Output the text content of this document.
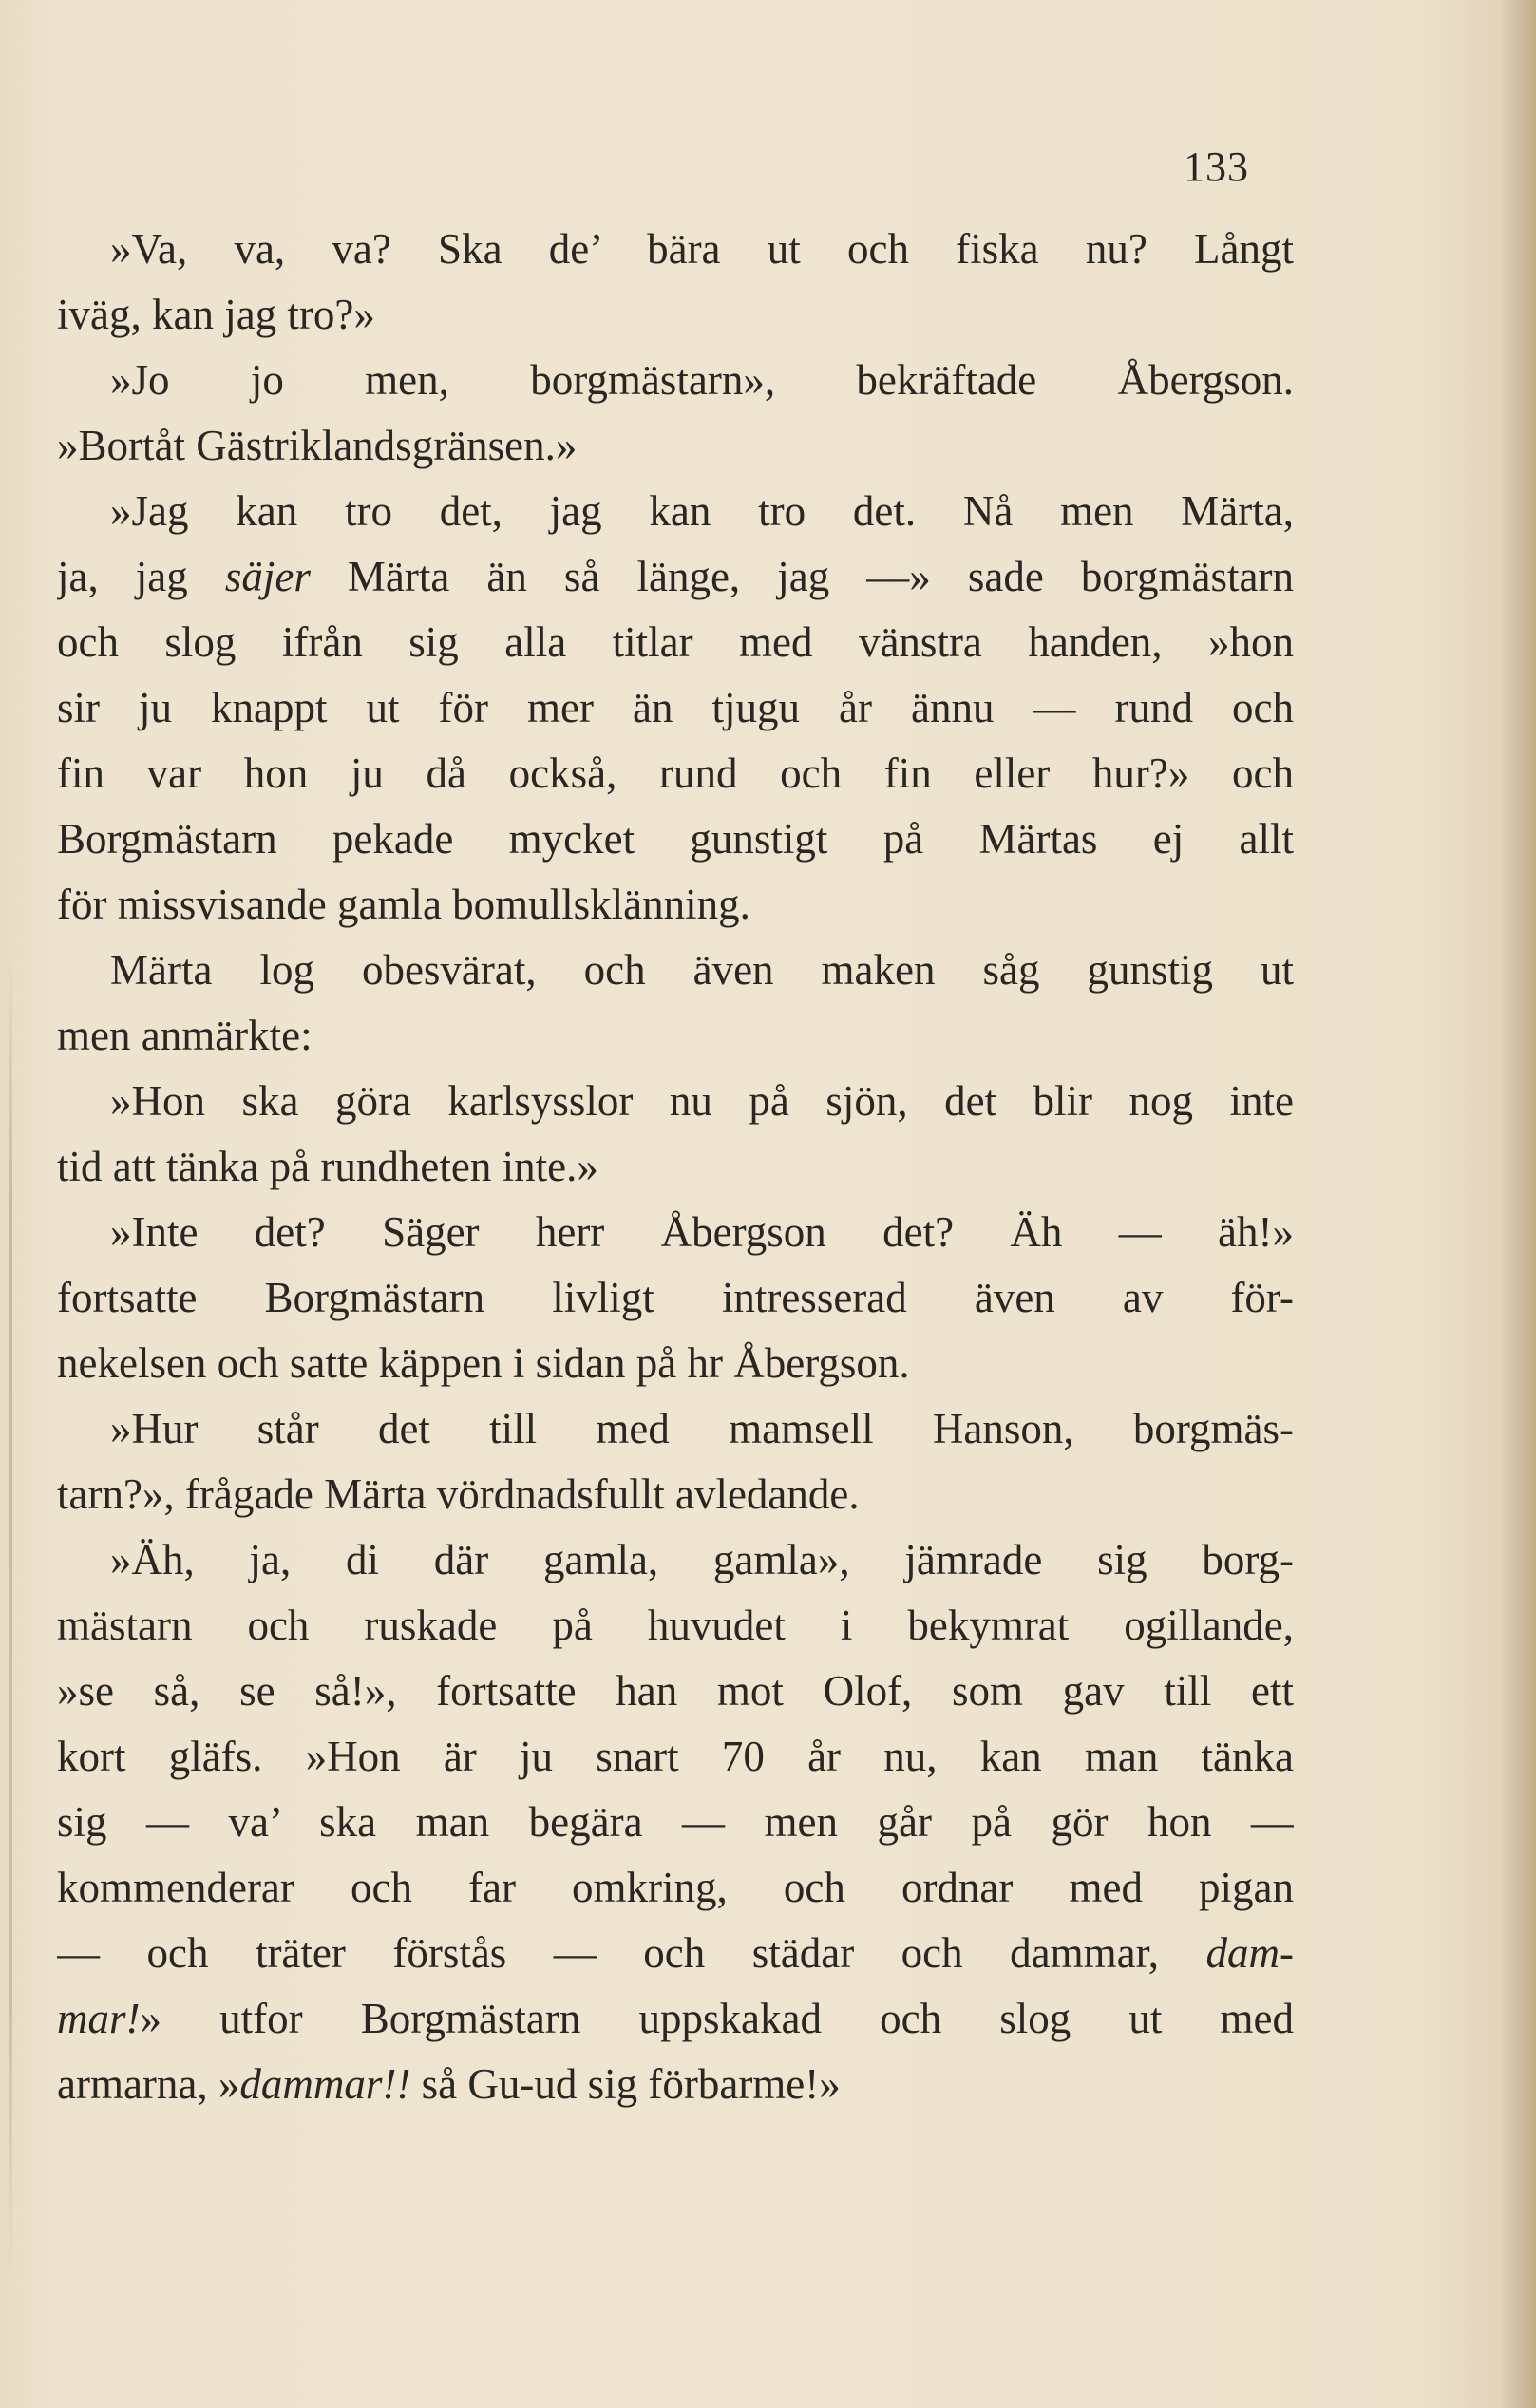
133
»Va, va, va? Ska de’ bära ut och fiska nu? Långt
iväg, kan jag tro?»
»Jo jo men, borgmästarn», bekräftade Åbergson.
»Bortåt Gästriklandsgränsen.»
»Jag kan tro det, jag kan tro det. Nå men Märta,
ja, jag säjer Märta än så länge, jag —» sade borgmästarn
och slog ifrån sig alla titlar med vänstra handen, »hon
sir ju knappt ut för mer än tjugu år ännu — rund och
fin var hon ju då också, rund och fin eller hur?» och
Borgmästarn pekade mycket gunstigt på Märtas ej allt
för missvisande gamla bomullsklänning.
Märta log obesvärat, och även maken såg gunstig ut
men anmärkte:
»Hon ska göra karlsysslor nu på sjön, det blir nog inte
tid att tänka på rundheten inte.»
»Inte det? Säger herr Åbergson det? Äh — äh!»
fortsatte Borgmästarn livligt intresserad även av för-
nekelsen och satte käppen i sidan på hr Åbergson.
»Hur står det till med mamsell Hanson, borgmäs-
tarn?», frågade Märta vördnadsfullt avledande.
»Äh, ja, di där gamla, gamla», jämrade sig borg-
mästarn och ruskade på huvudet i bekymrat ogillande,
»se så, se så!», fortsatte han mot Olof, som gav till ett
kort gläfs. »Hon är ju snart 70 år nu, kan man tänka
sig — va’ ska man begära — men går på gör hon —
kommenderar och far omkring, och ordnar med pigan
— och träter förstås — och städar och dammar, dam-
mar!» utfor Borgmästarn uppskakad och slog ut med
armarna, »dammar!! så Gu-ud sig förbarme!»
